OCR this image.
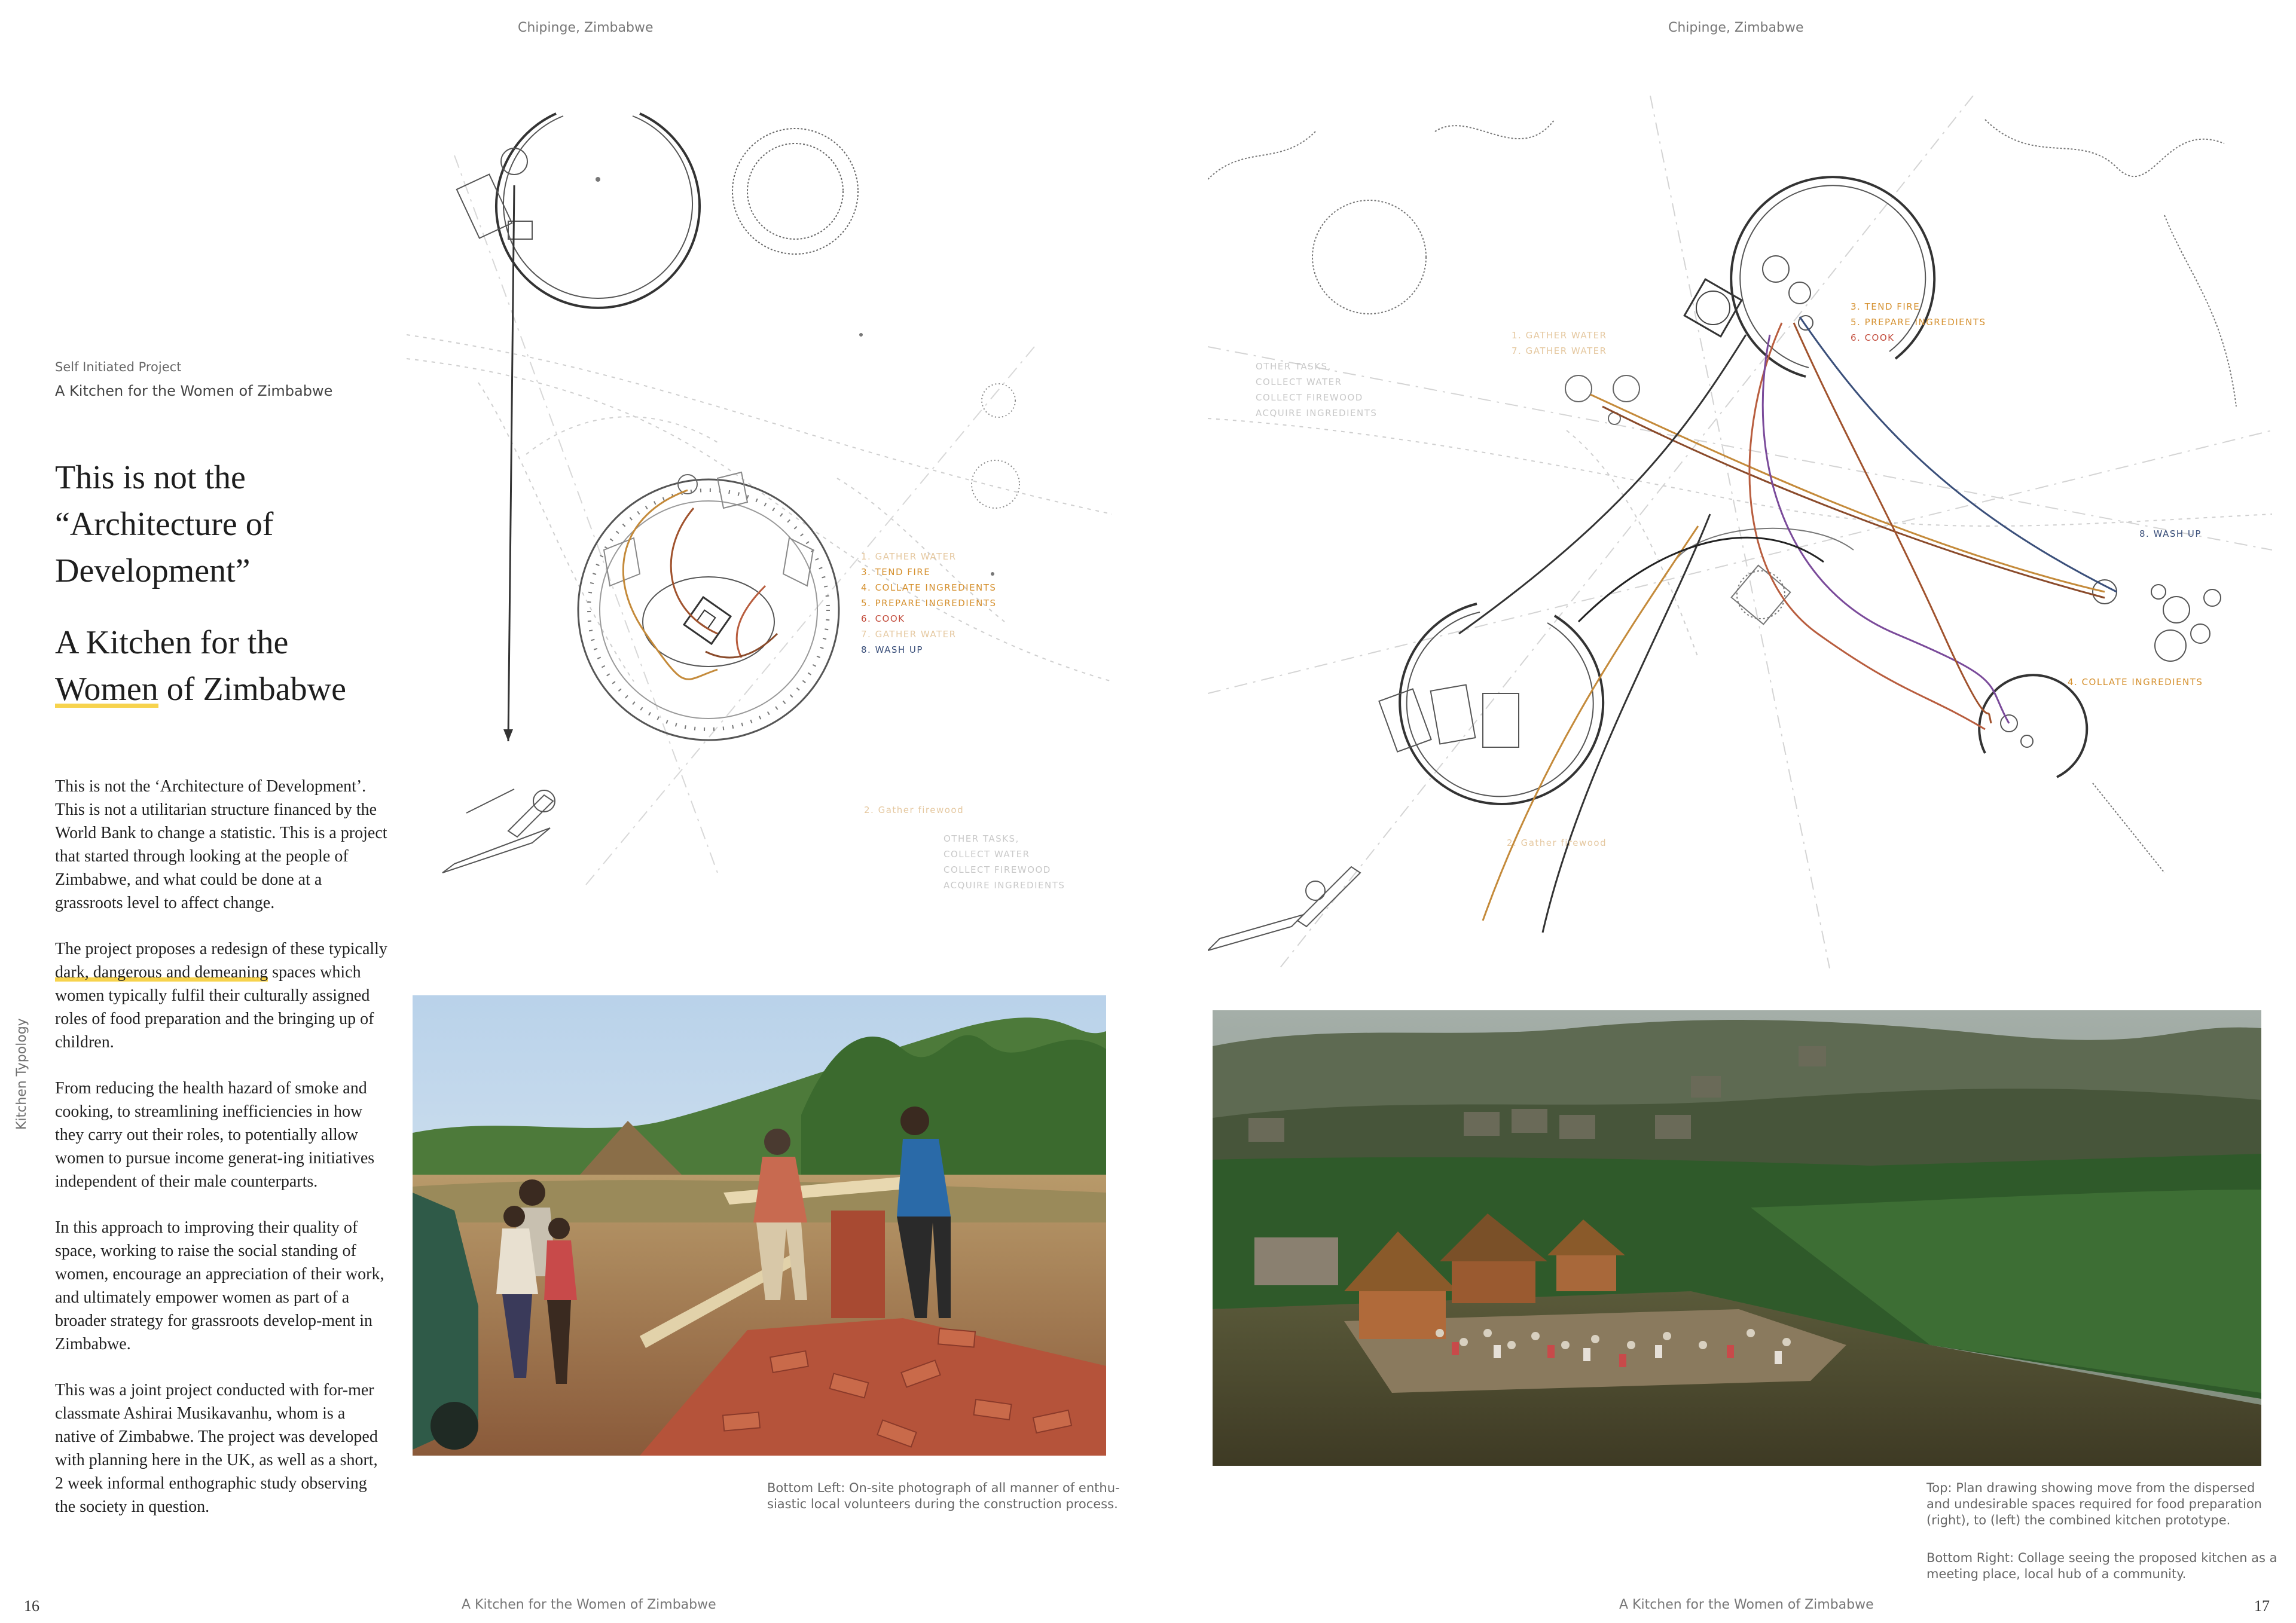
Chipinge, Zimbabwe	Chipinge, Zimbabwe
Kitchen Typology
Self Initiated Project
A Kitchen for the Women of Zimbabwe
This is not the
“Architecture of
Development”
A Kitchen for the
Women of Zimbabwe

This is not the ‘Architecture of Development’. This is not a utilitarian structure financed by the World Bank to change a statistic. This is a project that started through looking at the people of Zimbabwe, and what could be done at a grassroots level to affect change.

The project proposes a redesign of these typically dark, dangerous and demeaning spaces which women typically fulfil their culturally assigned roles of food preparation and the bringing up of children.

From reducing the health hazard of smoke and cooking, to streamlining inefficiencies in how they carry out their roles, to potentially allow women to pursue income generat-ing initiatives independent of their male counterparts.

In this approach to improving their quality of space, working to raise the social standing of women, encourage an appreciation of their work, and ultimately empower women as part of a broader strategy for grassroots develop-ment in Zimbabwe.

This was a joint project conducted with for-mer classmate Ashirai Musikavanhu, whom is a native of Zimbabwe. The project was developed with planning here in the UK, as well as a short, 2 week informal enthographic study observing the society in question.

2. Gather firewood
1. GATHER WATER
3. TEND FIRE
4. COLLATE INGREDIENTS
5. PREPARE INGREDIENTS
6. COOK
7. GATHER WATER
8. WASH UP
OTHER TASKS,
COLLECT WATER
COLLECT FIREWOOD
ACQUIRE INGREDIENTS
2. Gather firewood
3. TEND FIRE
5. PREPARE INGREDIENTS
6. COOK
1. GATHER WATER
7. GATHER WATER
OTHER TASKS,
COLLECT WATER
COLLECT FIREWOOD
ACQUIRE INGREDIENTS
8. WASH UP
4. COLLATE INGREDIENTS
Bottom Left: On-site photograph of all manner of enthu-
siastic local volunteers during the construction process.
Top: Plan drawing showing move from the dispersed
and undesirable spaces required for food preparation
(right), to (left) the combined kitchen prototype.
Bottom Right: Collage seeing the proposed kitchen as a
meeting place, local hub of a community.
16	A Kitchen for the Women of Zimbabwe	A Kitchen for the Women of Zimbabwe	17
